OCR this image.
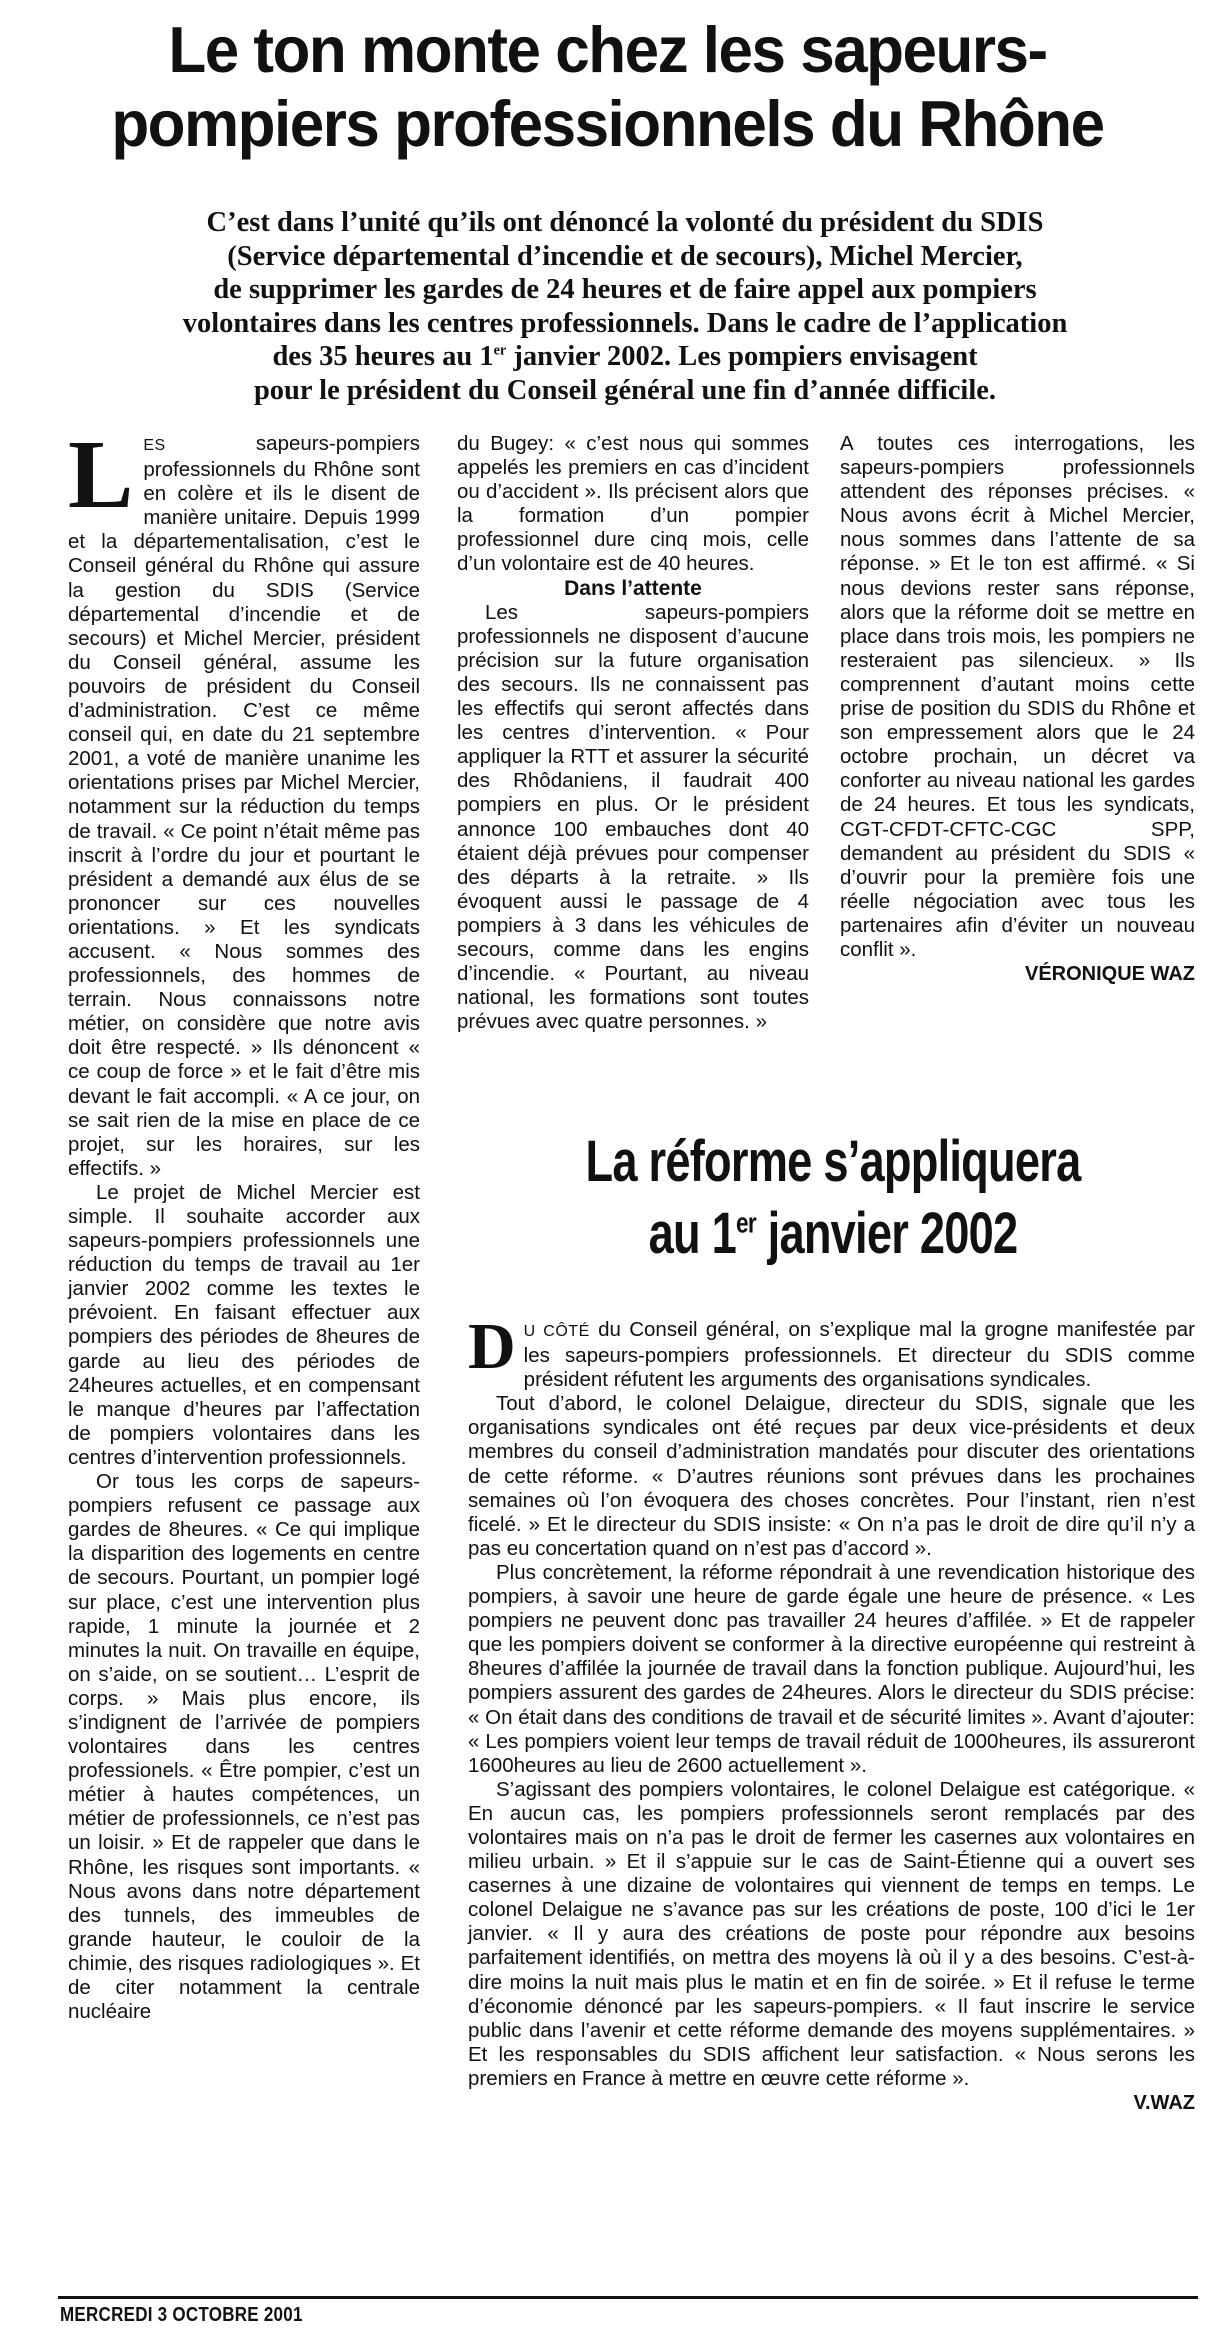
Le ton monte chez les sapeurs-
pompiers professionnels du Rhône
C’est dans l’unité qu’ils ont dénoncé la volonté du président du SDIS
(Service départemental d’incendie et de secours), Michel Mercier,
de supprimer les gardes de 24 heures et de faire appel aux pompiers
volontaires dans les centres professionnels. Dans le cadre de l’application
des 35 heures au 1er janvier 2002. Les pompiers envisagent
pour le président du Conseil général une fin d’année difficile.

LES sapeurs-pompiers professionnels du Rhône sont en colère et ils le disent de manière unitaire. Depuis 1999 et la départementalisation, c’est le Conseil général du Rhône qui assure la gestion du SDIS (Service départemental d’incendie et de secours) et Michel Mercier, président du Conseil général, assume les pouvoirs de président du Conseil d’administration. C’est ce même conseil qui, en date du 21 septembre 2001, a voté de manière unanime les orientations prises par Michel Mercier, notamment sur la réduction du temps de travail. « Ce point n’était même pas inscrit à l’ordre du jour et pourtant le président a demandé aux élus de se prononcer sur ces nouvelles orientations. » Et les syndicats accusent. « Nous sommes des professionnels, des hommes de terrain. Nous connaissons notre métier, on considère que notre avis doit être respecté. » Ils dénoncent « ce coup de force » et le fait d’être mis devant le fait accompli. « A ce jour, on se sait rien de la mise en place de ce projet, sur les horaires, sur les effectifs. »

Le projet de Michel Mercier est simple. Il souhaite accorder aux sapeurs-pompiers professionnels une réduction du temps de travail au 1er janvier 2002 comme les textes le prévoient. En faisant effectuer aux pompiers des périodes de 8heures de garde au lieu des périodes de 24heures actuelles, et en compensant le manque d’heures par l’affectation de pompiers volontaires dans les centres d’intervention professionnels.

Or tous les corps de sapeurs-pompiers refusent ce passage aux gardes de 8heures. « Ce qui implique la disparition des logements en centre de secours. Pourtant, un pompier logé sur place, c’est une intervention plus rapide, 1 minute la journée et 2 minutes la nuit. On travaille en équipe, on s’aide, on se soutient… L’esprit de corps. » Mais plus encore, ils s’indignent de l’arrivée de pompiers volontaires dans les centres professionels. « Être pompier, c’est un métier à hautes compétences, un métier de professionnels, ce n’est pas un loisir. » Et de rappeler que dans le Rhône, les risques sont importants. « Nous avons dans notre département des tunnels, des immeubles de grande hauteur, le couloir de la chimie, des risques radiologiques ». Et de citer notamment la centrale nucléaire

du Bugey: « c’est nous qui sommes appelés les premiers en cas d’incident ou d’accident ». Ils précisent alors que la formation d’un pompier professionnel dure cinq mois, celle d’un volontaire est de 40 heures.

Dans l’attente

Les sapeurs-pompiers professionnels ne disposent d’aucune précision sur la future organisation des secours. Ils ne connaissent pas les effectifs qui seront affectés dans les centres d’intervention. « Pour appliquer la RTT et assurer la sécurité des Rhôdaniens, il faudrait 400 pompiers en plus. Or le président annonce 100 embauches dont 40 étaient déjà prévues pour compenser des départs à la retraite. » Ils évoquent aussi le passage de 4 pompiers à 3 dans les véhicules de secours, comme dans les engins d’incendie. « Pourtant, au niveau national, les formations sont toutes prévues avec quatre personnes. »

A toutes ces interrogations, les sapeurs-pompiers professionnels attendent des réponses précises. « Nous avons écrit à Michel Mercier, nous sommes dans l’attente de sa réponse. » Et le ton est affirmé. « Si nous devions rester sans réponse, alors que la réforme doit se mettre en place dans trois mois, les pompiers ne resteraient pas silencieux. » Ils comprennent d’autant moins cette prise de position du SDIS du Rhône et son empressement alors que le 24 octobre prochain, un décret va conforter au niveau national les gardes de 24 heures. Et tous les syndicats, CGT-CFDT-CFTC-CGC SPP, demandent au président du SDIS « d’ouvrir pour la première fois une réelle négociation avec tous les partenaires afin d’éviter un nouveau conflit ».

VÉRONIQUE WAZ

La réforme s’appliquera
au 1er janvier 2002

D U CÔTÉ du Conseil général, on s’explique mal la grogne manifestée par les sapeurs-pompiers professionnels. Et directeur du SDIS comme président réfutent les arguments des organisations syndicales.

Tout d’abord, le colonel Delaigue, directeur du SDIS, signale que les organisations syndicales ont été reçues par deux vice-présidents et deux membres du conseil d’administration mandatés pour discuter des orientations de cette réforme. « D’autres réunions sont prévues dans les prochaines semaines où l’on évoquera des choses concrètes. Pour l’instant, rien n’est ficelé. » Et le directeur du SDIS insiste: « On n’a pas le droit de dire qu’il n’y a pas eu concertation quand on n’est pas d’accord ».

Plus concrètement, la réforme répondrait à une revendication historique des pompiers, à savoir une heure de garde égale une heure de présence. « Les pompiers ne peuvent donc pas travailler 24 heures d’affilée. » Et de rappeler que les pompiers doivent se conformer à la directive européenne qui restreint à 8heures d’affilée la journée de travail dans la fonction publique. Aujourd’hui, les pompiers assurent des gardes de 24heures. Alors le directeur du SDIS précise: « On était dans des conditions de travail et de sécurité limites ». Avant d’ajouter: « Les pompiers voient leur temps de travail réduit de 1000heures, ils assureront 1600heures au lieu de 2600 actuellement ».

S’agissant des pompiers volontaires, le colonel Delaigue est catégorique. « En aucun cas, les pompiers professionnels seront remplacés par des volontaires mais on n’a pas le droit de fermer les casernes aux volontaires en milieu urbain. » Et il s’appuie sur le cas de Saint-Étienne qui a ouvert ses casernes à une dizaine de volontaires qui viennent de temps en temps. Le colonel Delaigue ne s’avance pas sur les créations de poste, 100 d’ici le 1er janvier. « Il y aura des créations de poste pour répondre aux besoins parfaitement identifiés, on mettra des moyens là où il y a des besoins. C’est-à-dire moins la nuit mais plus le matin et en fin de soirée. » Et il refuse le terme d’économie dénoncé par les sapeurs-pompiers. « Il faut inscrire le service public dans l’avenir et cette réforme demande des moyens supplémentaires. » Et les responsables du SDIS affichent leur satisfaction. « Nous serons les premiers en France à mettre en œuvre cette réforme ».

V.WAZ

MERCREDI 3 OCTOBRE 2001
